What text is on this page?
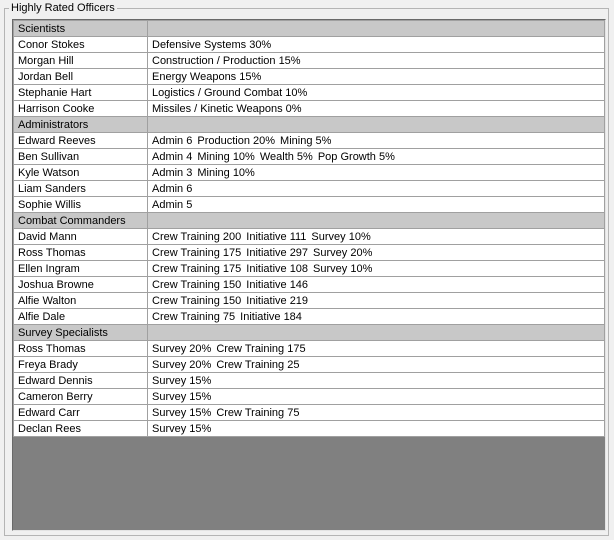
Highly Rated Officers
Scientists	
Conor Stokes	Defensive Systems 30%
Morgan Hill	Construction / Production 15%
Jordan Bell	Energy Weapons 15%
Stephanie Hart	Logistics / Ground Combat 10%
Harrison Cooke	Missiles / Kinetic Weapons 0%
Administrators	
Edward Reeves	Admin 6 Production 20% Mining 5%
Ben Sullivan	Admin 4 Mining 10% Wealth 5% Pop Growth 5%
Kyle Watson	Admin 3 Mining 10%
Liam Sanders	Admin 6
Sophie Willis	Admin 5
Combat Commanders	
David Mann	Crew Training 200 Initiative 111 Survey 10%
Ross Thomas	Crew Training 175 Initiative 297 Survey 20%
Ellen Ingram	Crew Training 175 Initiative 108 Survey 10%
Joshua Browne	Crew Training 150 Initiative 146
Alfie Walton	Crew Training 150 Initiative 219
Alfie Dale	Crew Training 75 Initiative 184
Survey Specialists	
Ross Thomas	Survey 20% Crew Training 175
Freya Brady	Survey 20% Crew Training 25
Edward Dennis	Survey 15%
Cameron Berry	Survey 15%
Edward Carr	Survey 15% Crew Training 75
Declan Rees	Survey 15%
